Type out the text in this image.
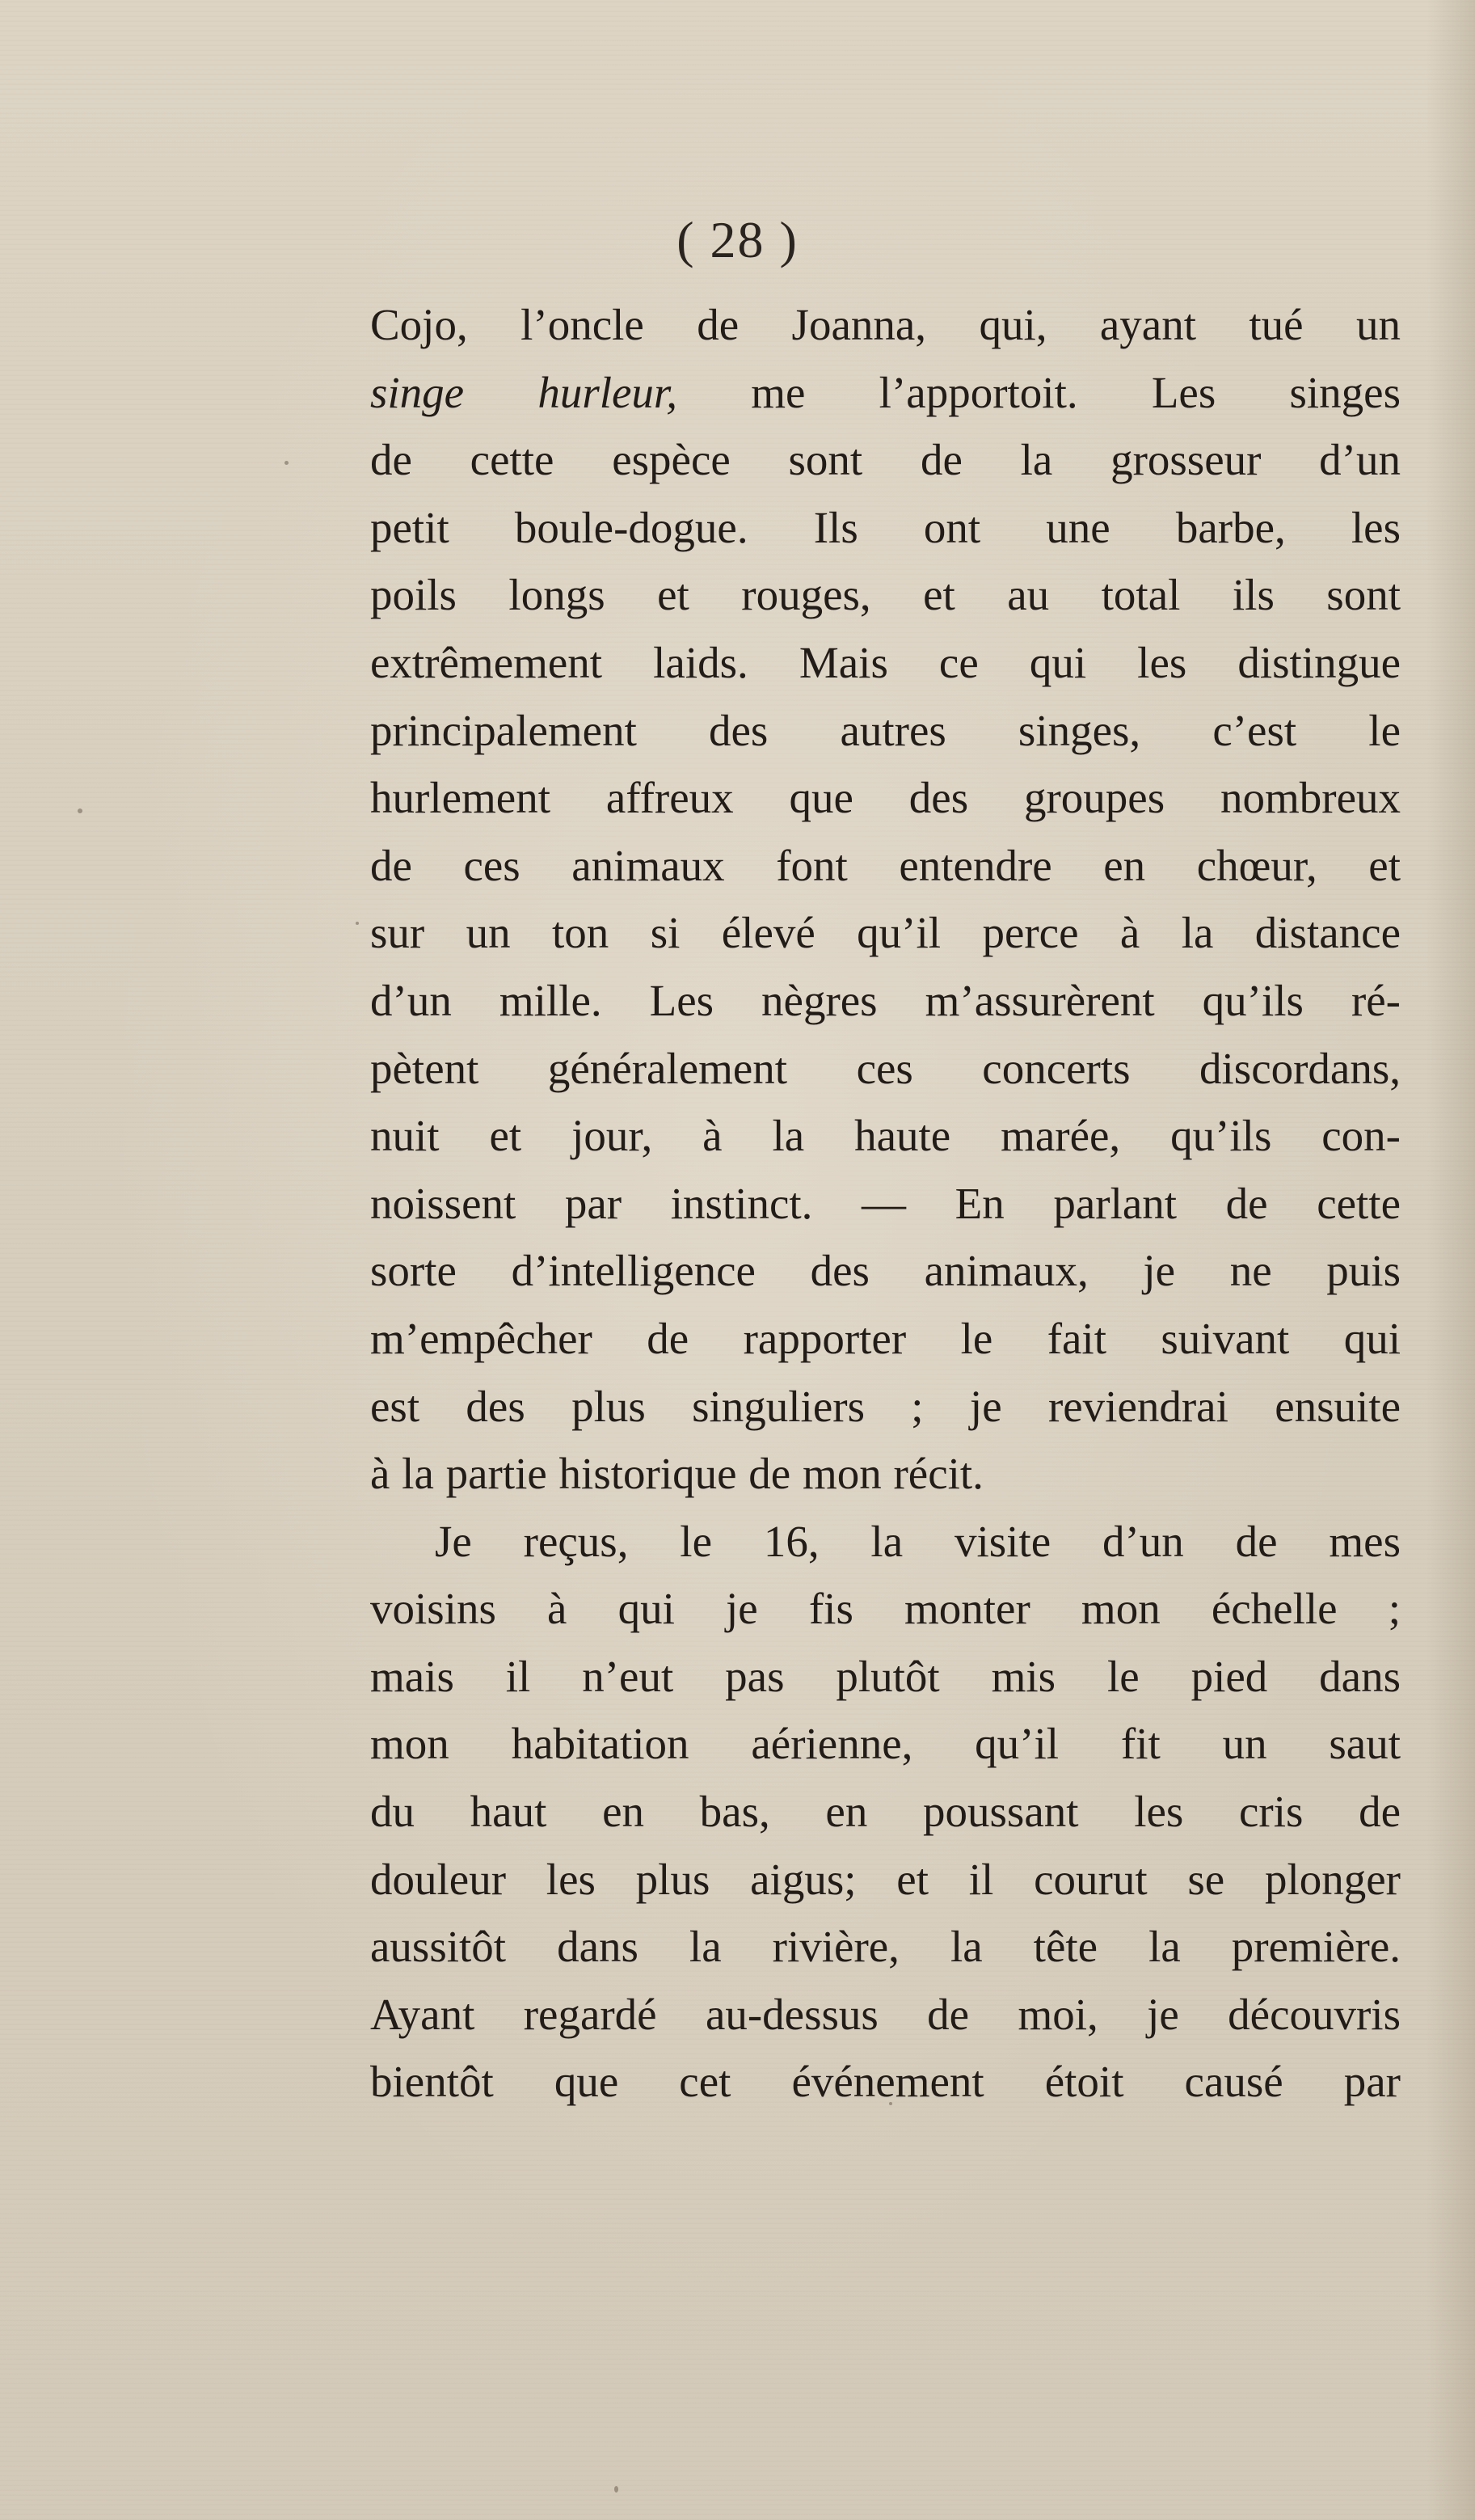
( 28 )
Cojo, l’oncle de Joanna, qui, ayant tué un
singe hurleur, me l’apportoit. Les singes
de cette espèce sont de la grosseur d’un
petit boule-dogue. Ils ont une barbe, les
poils longs et rouges, et au total ils sont
extrêmement laids. Mais ce qui les distingue
principalement des autres singes, c’est le
hurlement affreux que des groupes nombreux
de ces animaux font entendre en chœur, et
sur un ton si élevé qu’il perce à la distance
d’un mille. Les nègres m’assurèrent qu’ils ré-
pètent généralement ces concerts discordans,
nuit et jour, à la haute marée, qu’ils con-
noissent par instinct. — En parlant de cette
sorte d’intelligence des animaux, je ne puis
m’empêcher de rapporter le fait suivant qui
est des plus singuliers ; je reviendrai ensuite
à la partie historique de mon récit.
Je reçus, le 16, la visite d’un de mes
voisins à qui je fis monter mon échelle ;
mais il n’eut pas plutôt mis le pied dans
mon habitation aérienne, qu’il fit un saut
du haut en bas, en poussant les cris de
douleur les plus aigus; et il courut se plonger
aussitôt dans la rivière, la tête la première.
Ayant regardé au-dessus de moi, je découvris
bientôt que cet événement étoit causé par
